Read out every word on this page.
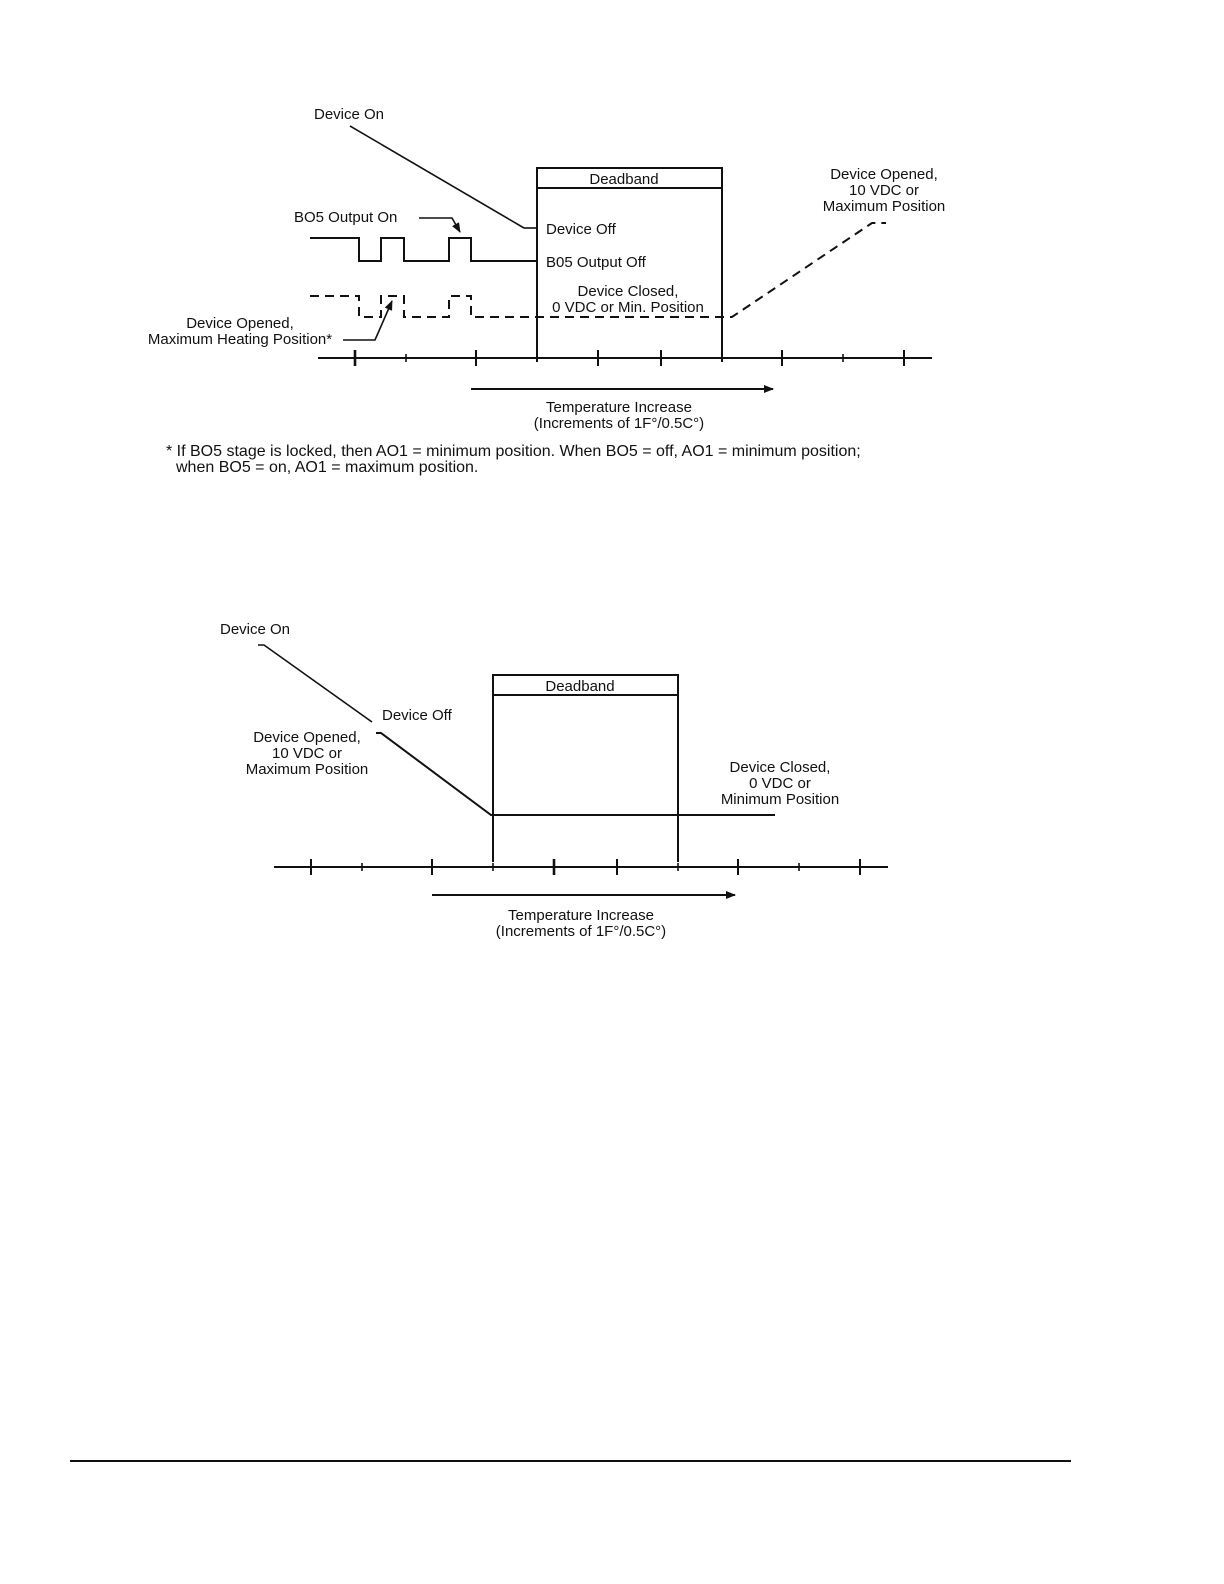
Device On
Deadband
Device Off
B05 Output Off
Device Closed,
0 VDC or Min. Position
Device Opened,
10 VDC or
Maximum Position
BO5 Output On
Device Opened,
Maximum Heating Position*
Temperature Increase
(Increments of 1F°/0.5C°)
* If BO5 stage is locked, then AO1 = minimum position. When BO5 = off, AO1 = minimum position;
when BO5 = on, AO1 = maximum position.
Device On
Device Off
Device Opened,
10 VDC or
Maximum Position
Deadband
Device Closed,
0 VDC or
Minimum Position
Temperature Increase
(Increments of 1F°/0.5C°)
